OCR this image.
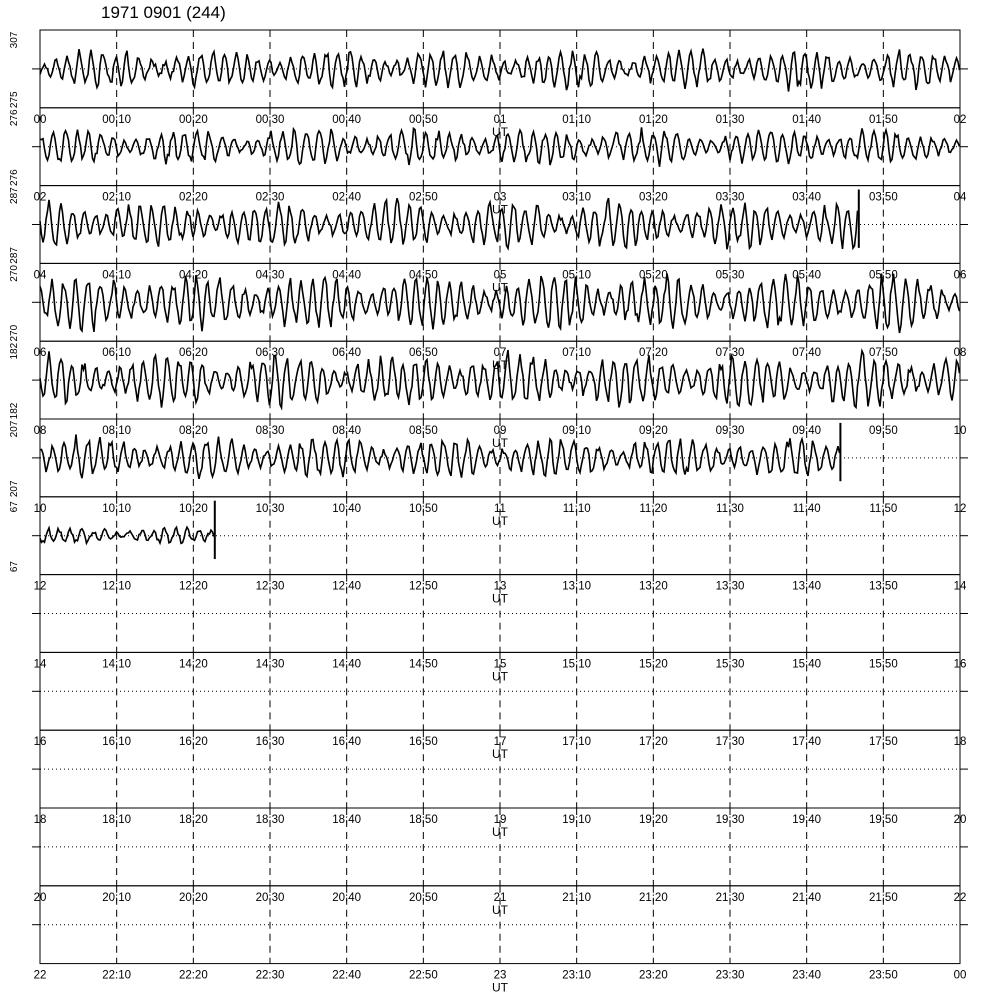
1971 0901 (244)
00	00:10	00:20	00:30	00:40	00:50	01	01:10	01:20	01:30	01:40	01:50	02
UT
307
275
02	02:10	02:20	02:30	02:40	02:50	03	03:10	03:20	03:30	03:40	03:50	04
UT
276
276
04	04:10	04:20	04:30	04:40	04:50	05	05:10	05:20	05:30	05:40	05:50	06
UT
287
287
06	06:10	06:20	06:30	06:40	06:50	07	07:10	07:20	07:30	07:40	07:50	08
UT
270
270
08	08:10	08:20	08:30	08:40	08:50	09	09:10	09:20	09:30	09:40	09:50	10
UT
182
182
10	10:10	10:20	10:30	10:40	10:50	11	11:10	11:20	11:30	11:40	11:50	12
UT
207
207
12	12:10	12:20	12:30	12:40	12:50	13	13:10	13:20	13:30	13:40	13:50	14
UT
67
67
14	14:10	14:20	14:30	14:40	14:50	15	15:10	15:20	15:30	15:40	15:50	16
UT
16	16:10	16:20	16:30	16:40	16:50	17	17:10	17:20	17:30	17:40	17:50	18
UT
18	18:10	18:20	18:30	18:40	18:50	19	19:10	19:20	19:30	19:40	19:50	20
UT
20	20:10	20:20	20:30	20:40	20:50	21	21:10	21:20	21:30	21:40	21:50	22
UT
22	22:10	22:20	22:30	22:40	22:50	23	23:10	23:20	23:30	23:40	23:50	00
UT
